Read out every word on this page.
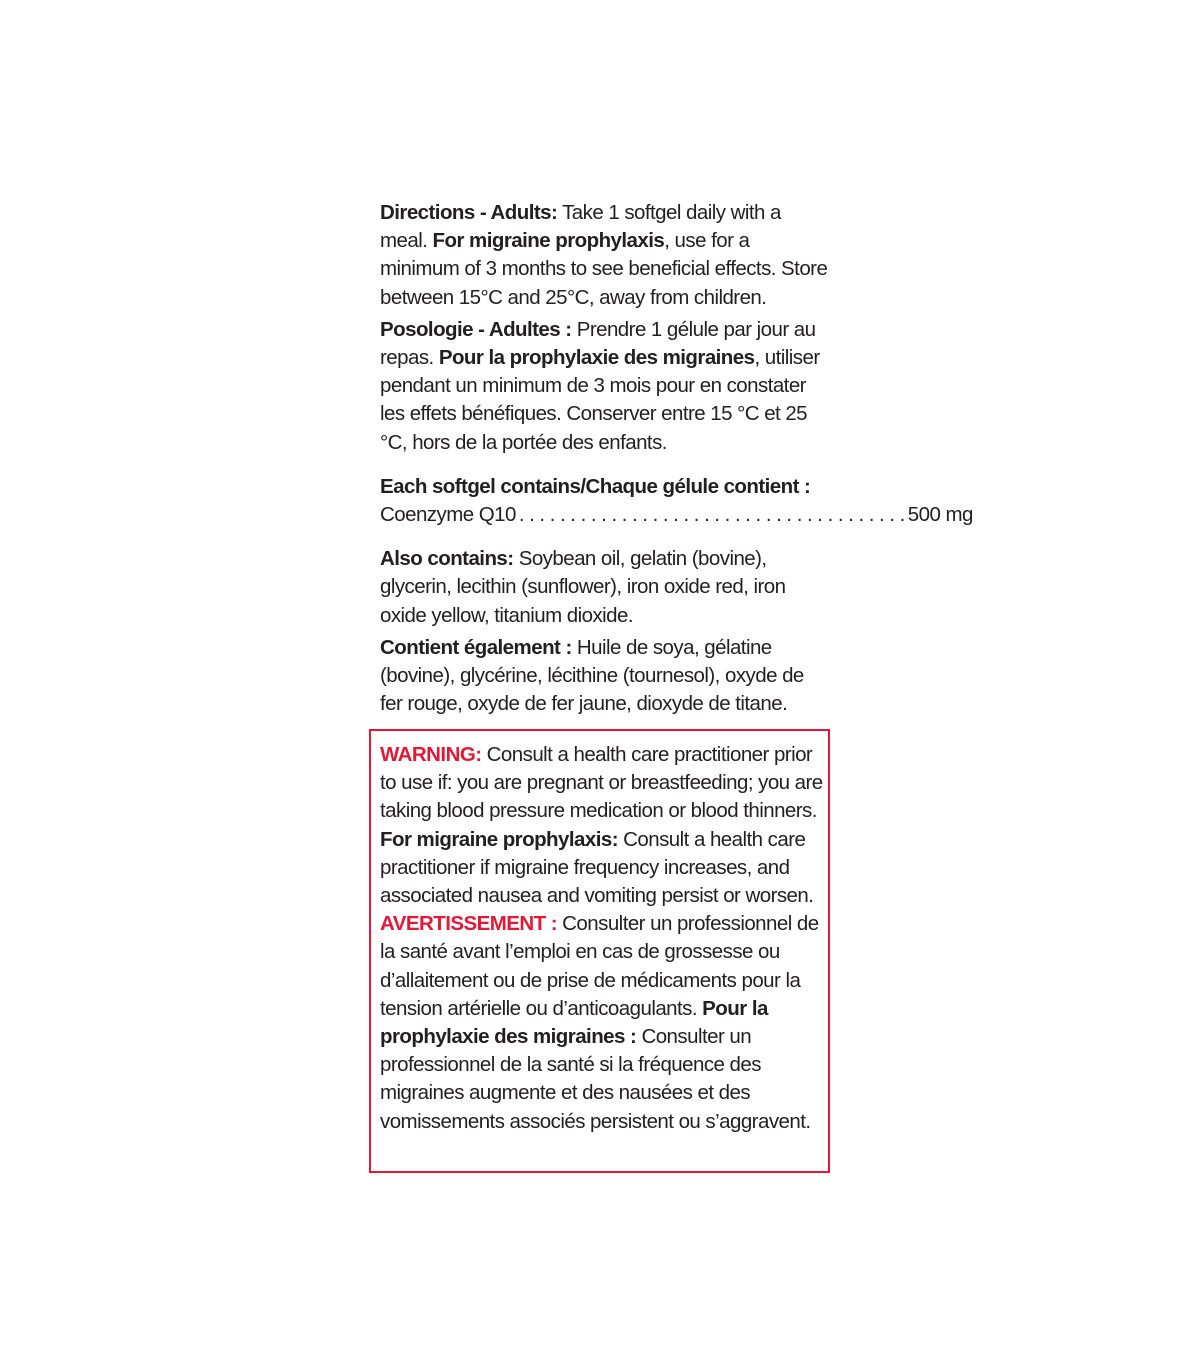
Directions - Adults: Take 1 softgel daily with a meal. For migraine prophylaxis, use for a minimum of 3 months to see beneficial effects. Store between 15°C and 25°C, away from children.

Posologie - Adultes : Prendre 1 gélule par jour au repas. Pour la prophylaxie des migraines, utiliser pendant un minimum de 3 mois pour en constater les effets bénéfiques. Conserver entre 15 °C et 25 °C, hors de la portée des enfants.

Each softgel contains/Chaque gélule contient :

Coenzyme Q10 . . . . . . . . . . . . . . . . . . . . . . . . . . . . . . . . . . . . . . 500 mg

Also contains: Soybean oil, gelatin (bovine), glycerin, lecithin (sunflower), iron oxide red, iron oxide yellow, titanium dioxide.

Contient également : Huile de soya, gélatine (bovine), glycérine, lécithine (tournesol), oxyde de fer rouge, oxyde de fer jaune, dioxyde de titane.

WARNING: Consult a health care practitioner prior to use if: you are pregnant or breastfeeding; you are taking blood pressure medication or blood thinners. For migraine prophylaxis: Consult a health care practitioner if migraine frequency increases, and associated nausea and vomiting persist or worsen.

AVERTISSEMENT : Consulter un professionnel de la santé avant l’emploi en cas de grossesse ou d’allaitement ou de prise de médicaments pour la tension artérielle ou d’anticoagulants. Pour la prophylaxie des migraines : Consulter un professionnel de la santé si la fréquence des migraines augmente et des nausées et des vomissements associés persistent ou s’aggravent.
